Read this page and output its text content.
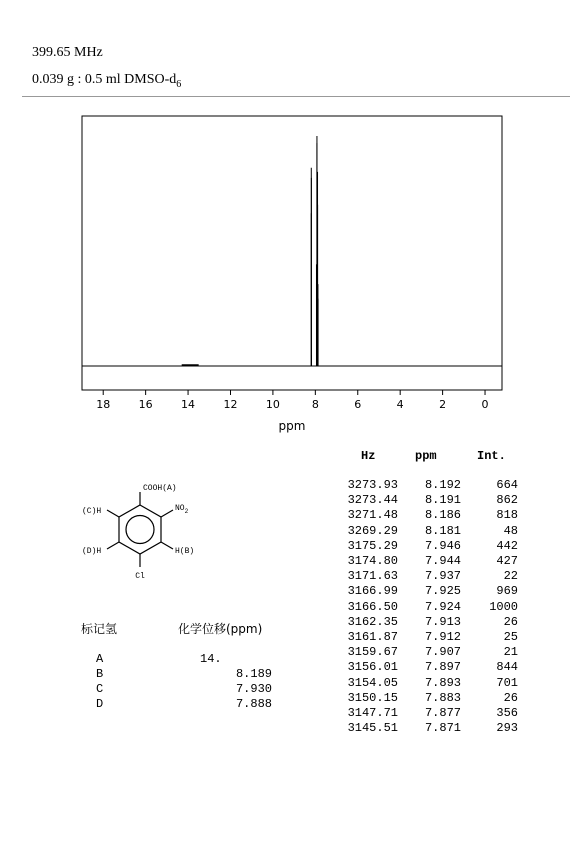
399.65 MHz
0.039 g : 0.5 ml DMSO-$d_6$
18	16	14	12	10	8	6	4	2	0
ppm
Hz	ppm	Int.
3273.93 8.192	664
3273.44 8.191	862
3271.48 8.186	818
3269.29 8.181	48
3175.29 7.946	442
3174.80 7.944	427
3171.63 7.937	22
3166.99 7.925	969
3166.50 7.924 1000
3162.35 7.913	26
3161.87 7.912	25
3159.67 7.907	21
3156.01 7.897	844
3154.05 7.893	701
3150.15 7.883	26
3147.71 7.877	356
3145.51 7.871	293
COOH(A)
$NO_2$
(C)H
(D)H	H(B)
Cl
标记氢	化学位移(ppm)
A	14.
B	8.189
C	7.930
D	7.888
